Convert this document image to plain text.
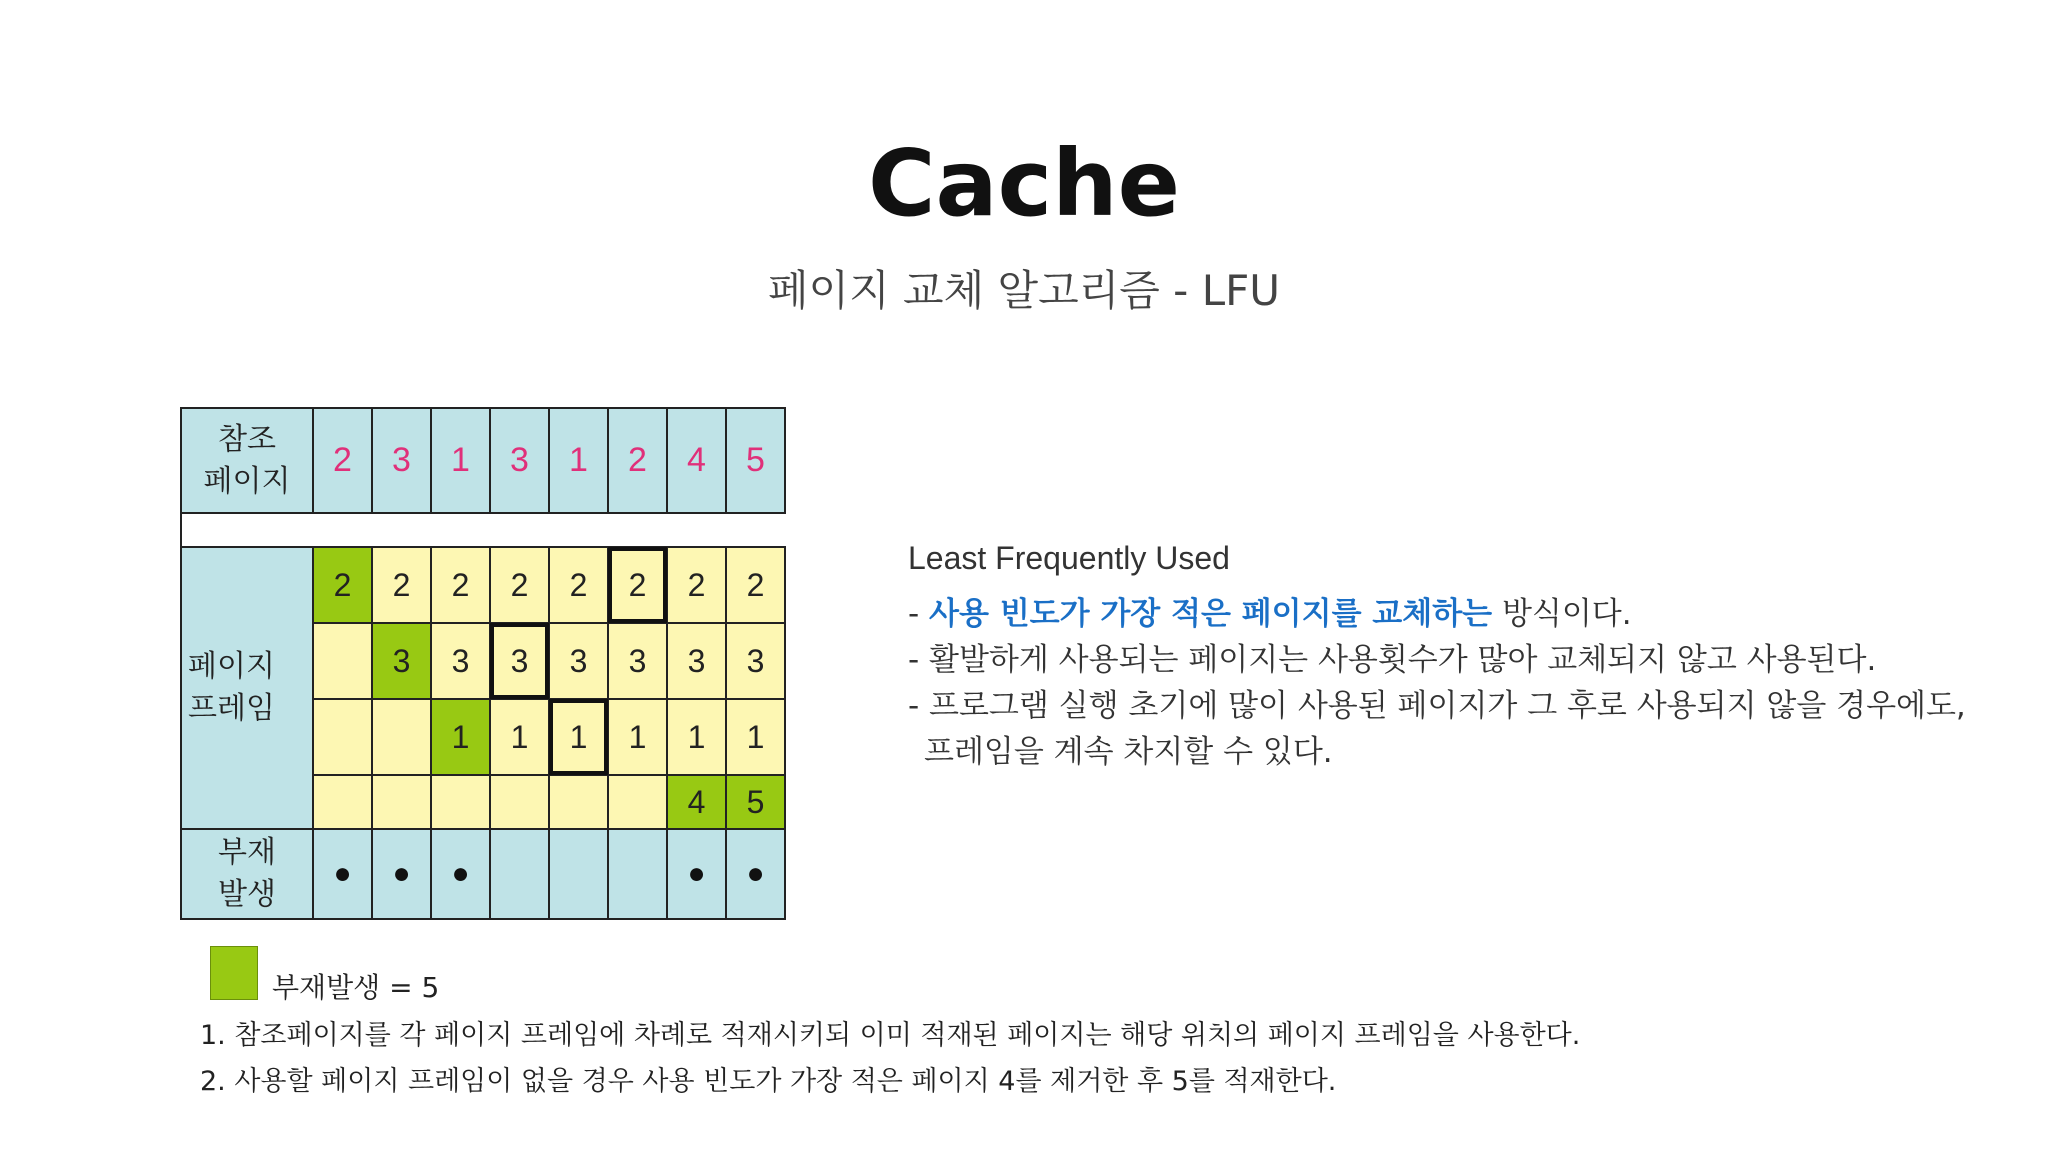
Cache
페이지 교체 알고리즘 - LFU
참조
페이지	2	3	1	3	1	2	4	5

페이지
프레임	2	2	2	2	2	2	2	2
		3	3	3	3	3	3	3
			1	1	1	1	1	1
							4	5

부재
발생	●	●	●				●	●
Least Frequently Used
- 사용 빈도가 가장 적은 페이지를 교체하는 방식이다.
- 활발하게 사용되는 페이지는 사용횟수가 많아 교체되지 않고 사용된다.
- 프로그램 실행 초기에 많이 사용된 페이지가 그 후로 사용되지 않을 경우에도,
프레임을 계속 차지할 수 있다.
부재발생 = 5
1. 참조페이지를 각 페이지 프레임에 차례로 적재시키되 이미 적재된 페이지는 해당 위치의 페이지 프레임을 사용한다.
2. 사용할 페이지 프레임이 없을 경우 사용 빈도가 가장 적은 페이지 4를 제거한 후 5를 적재한다.
